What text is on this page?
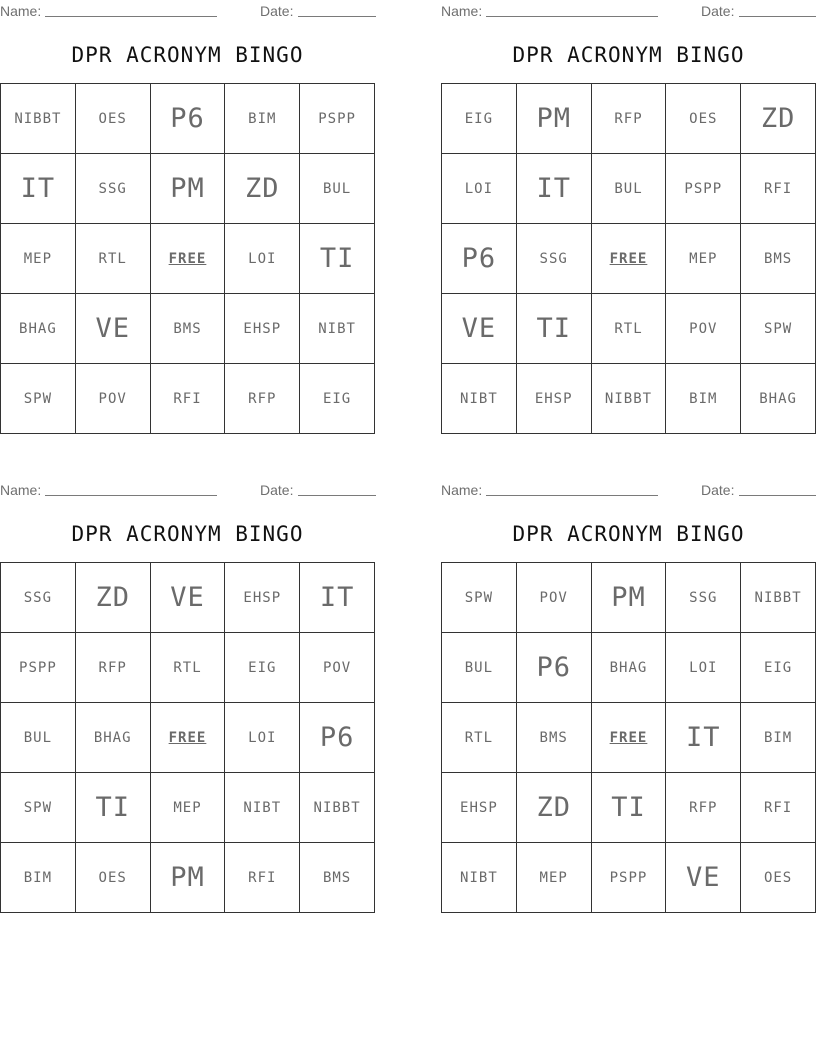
Name:	Date:
DPR ACRONYM BINGO
NIBBT	OES	P6	BIM	PSPP
IT	SSG	PM	ZD	BUL
MEP	RTL	FREE	LOI	TI
BHAG	VE	BMS	EHSP	NIBT
SPW	POV	RFI	RFP	EIG
Name:	Date:
DPR ACRONYM BINGO
EIG	PM	RFP	OES	ZD
LOI	IT	BUL	PSPP	RFI
P6	SSG	FREE	MEP	BMS
VE	TI	RTL	POV	SPW
NIBT	EHSP	NIBBT	BIM	BHAG
Name:	Date:
DPR ACRONYM BINGO
SSG	ZD	VE	EHSP	IT
PSPP	RFP	RTL	EIG	POV
BUL	BHAG	FREE	LOI	P6
SPW	TI	MEP	NIBT	NIBBT
BIM	OES	PM	RFI	BMS
Name:	Date:
DPR ACRONYM BINGO
SPW	POV	PM	SSG	NIBBT
BUL	P6	BHAG	LOI	EIG
RTL	BMS	FREE	IT	BIM
EHSP	ZD	TI	RFP	RFI
NIBT	MEP	PSPP	VE	OES
